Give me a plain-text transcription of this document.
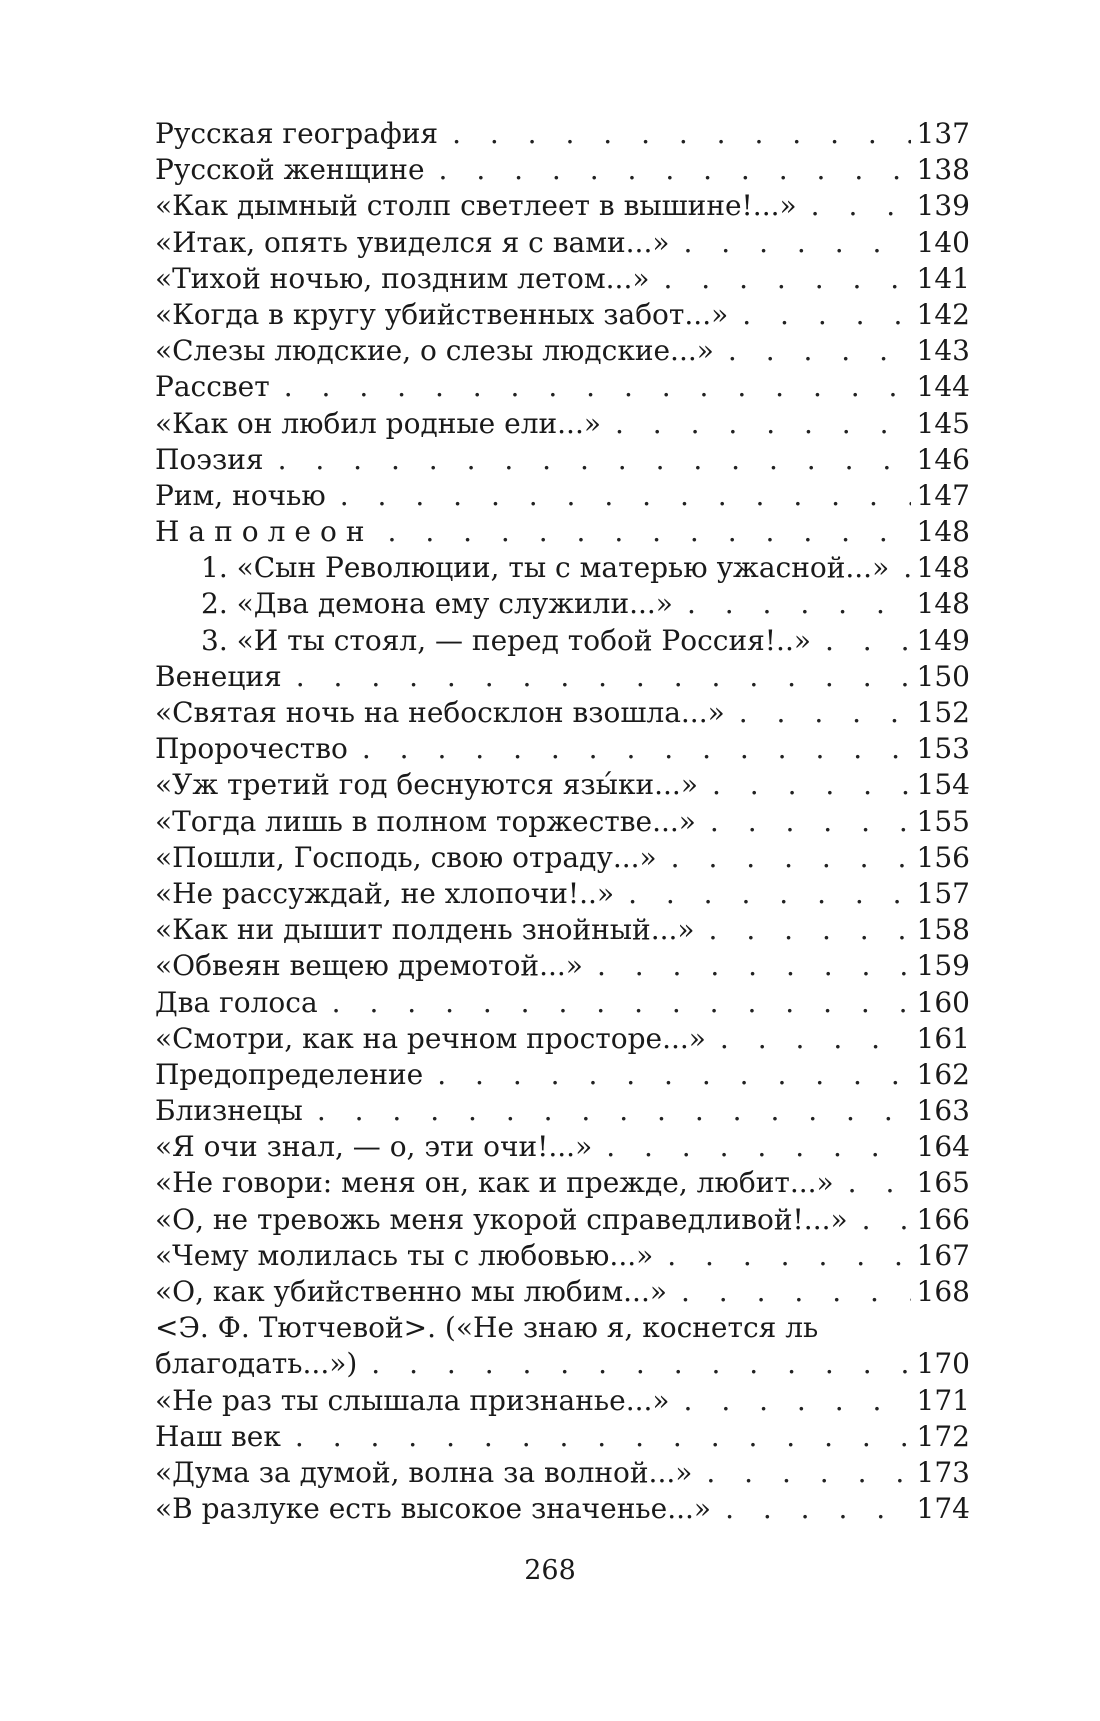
Русская география . . .	137
Русской женщине . . .	138
«Как дымный столп светлеет в вышине!...» . . .	139
«Итак, опять увиделся я с вами...» . . .	140
«Тихой ночью, поздним летом...» . . .	141
«Когда в кругу убийственных забот...» . . .	142
«Слезы людские, о слезы людские...» . . .	143
Рассвет . . .	144
«Как он любил родные ели...» . . .	145
Поэзия . . .	146
Рим, ночью . . .	147
Наполеон . . .	148
1. «Сын Революции, ты с матерью ужасной...» . . . 148
2. «Два демона ему служили...» . . .	148
3. «И ты стоял, — перед тобой Россия!..» . . .	149
Венеция . . .	150
«Святая ночь на небосклон взошла...» . . .	152
Пророчество . . .	153
«Уж третий год беснуются язы́ки...» . . .	154
«Тогда лишь в полном торжестве...» . . .	155
«Пошли, Господь, свою отраду...» . . .	156
«Не рассуждай, не хлопочи!..» . . .	157
«Как ни дышит полдень знойный...» . . .	158
«Обвеян вещею дремотой...» . . .	159
Два голоса . . .	160
«Смотри, как на речном просторе...» . . .	161
Предопределение . . .	162
Близнецы . . .	163
«Я очи знал, — о, эти очи!...» . . .	164
«Не говори: меня он, как и прежде, любит...» . . .	165
«О, не тревожь меня укорой справедливой!...» . . . 166
«Чему молилась ты с любовью...» . . .	167
«О, как убийственно мы любим...» . . .	168
<Э. Ф. Тютчевой>. («Не знаю я, коснется ль
благодать...») . . .	170
«Не раз ты слышала признанье...» . . .	171
Наш век . . .	172
«Дума за думой, волна за волной...» . . .	173
«В разлуке есть высокое значенье...» . . .	174
268
